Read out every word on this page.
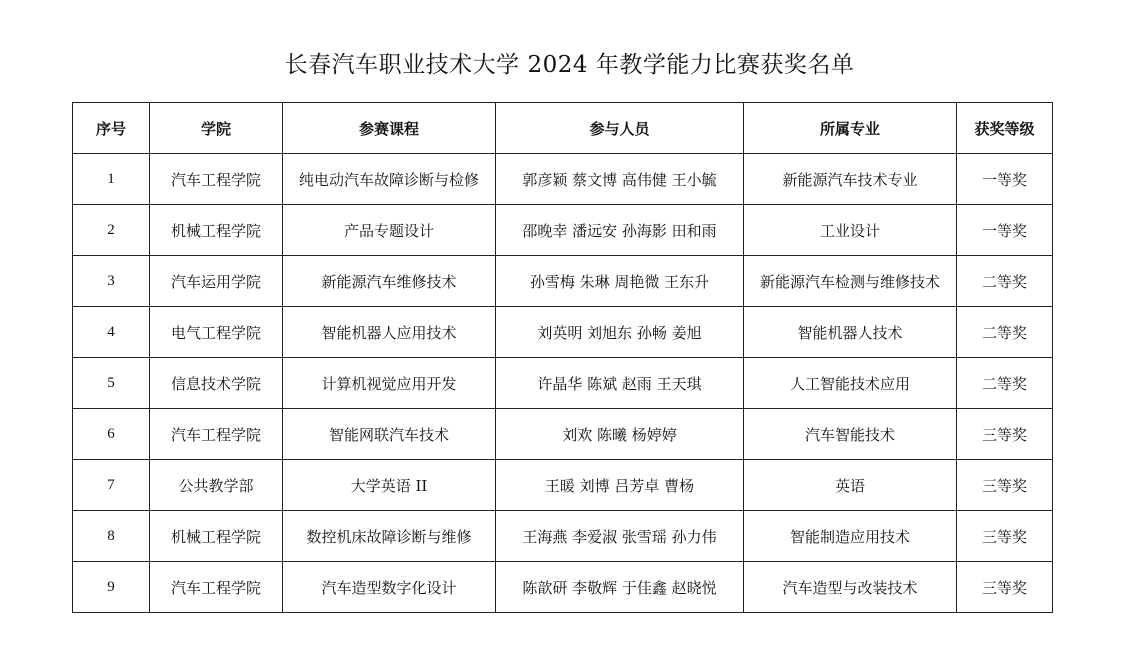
长春汽车职业技术大学 2024 年教学能力比赛获奖名单
序号	学院	参赛课程	参与人员	所属专业	获奖等级
1	汽车工程学院	纯电动汽车故障诊断与检修	郭彦颖 蔡文博 高伟健 王小毓	新能源汽车技术专业	一等奖
2	机械工程学院	产品专题设计	邵晚幸 潘远安 孙海影 田和雨	工业设计	一等奖
3	汽车运用学院	新能源汽车维修技术	孙雪梅 朱琳 周艳微 王东升	新能源汽车检测与维修技术	二等奖
4	电气工程学院	智能机器人应用技术	刘英明 刘旭东 孙畅 姜旭	智能机器人技术	二等奖
5	信息技术学院	计算机视觉应用开发	许晶华 陈斌 赵雨 王天琪	人工智能技术应用	二等奖
6	汽车工程学院	智能网联汽车技术	刘欢 陈曦 杨婷婷	汽车智能技术	三等奖
7	公共教学部	大学英语 II	王暖 刘博 吕芳卓 曹杨	英语	三等奖
8	机械工程学院	数控机床故障诊断与维修	王海燕 李爱淑 张雪瑶 孙力伟	智能制造应用技术	三等奖
9	汽车工程学院	汽车造型数字化设计	陈歆研 李敬辉 于佳鑫 赵晓悦	汽车造型与改装技术	三等奖
